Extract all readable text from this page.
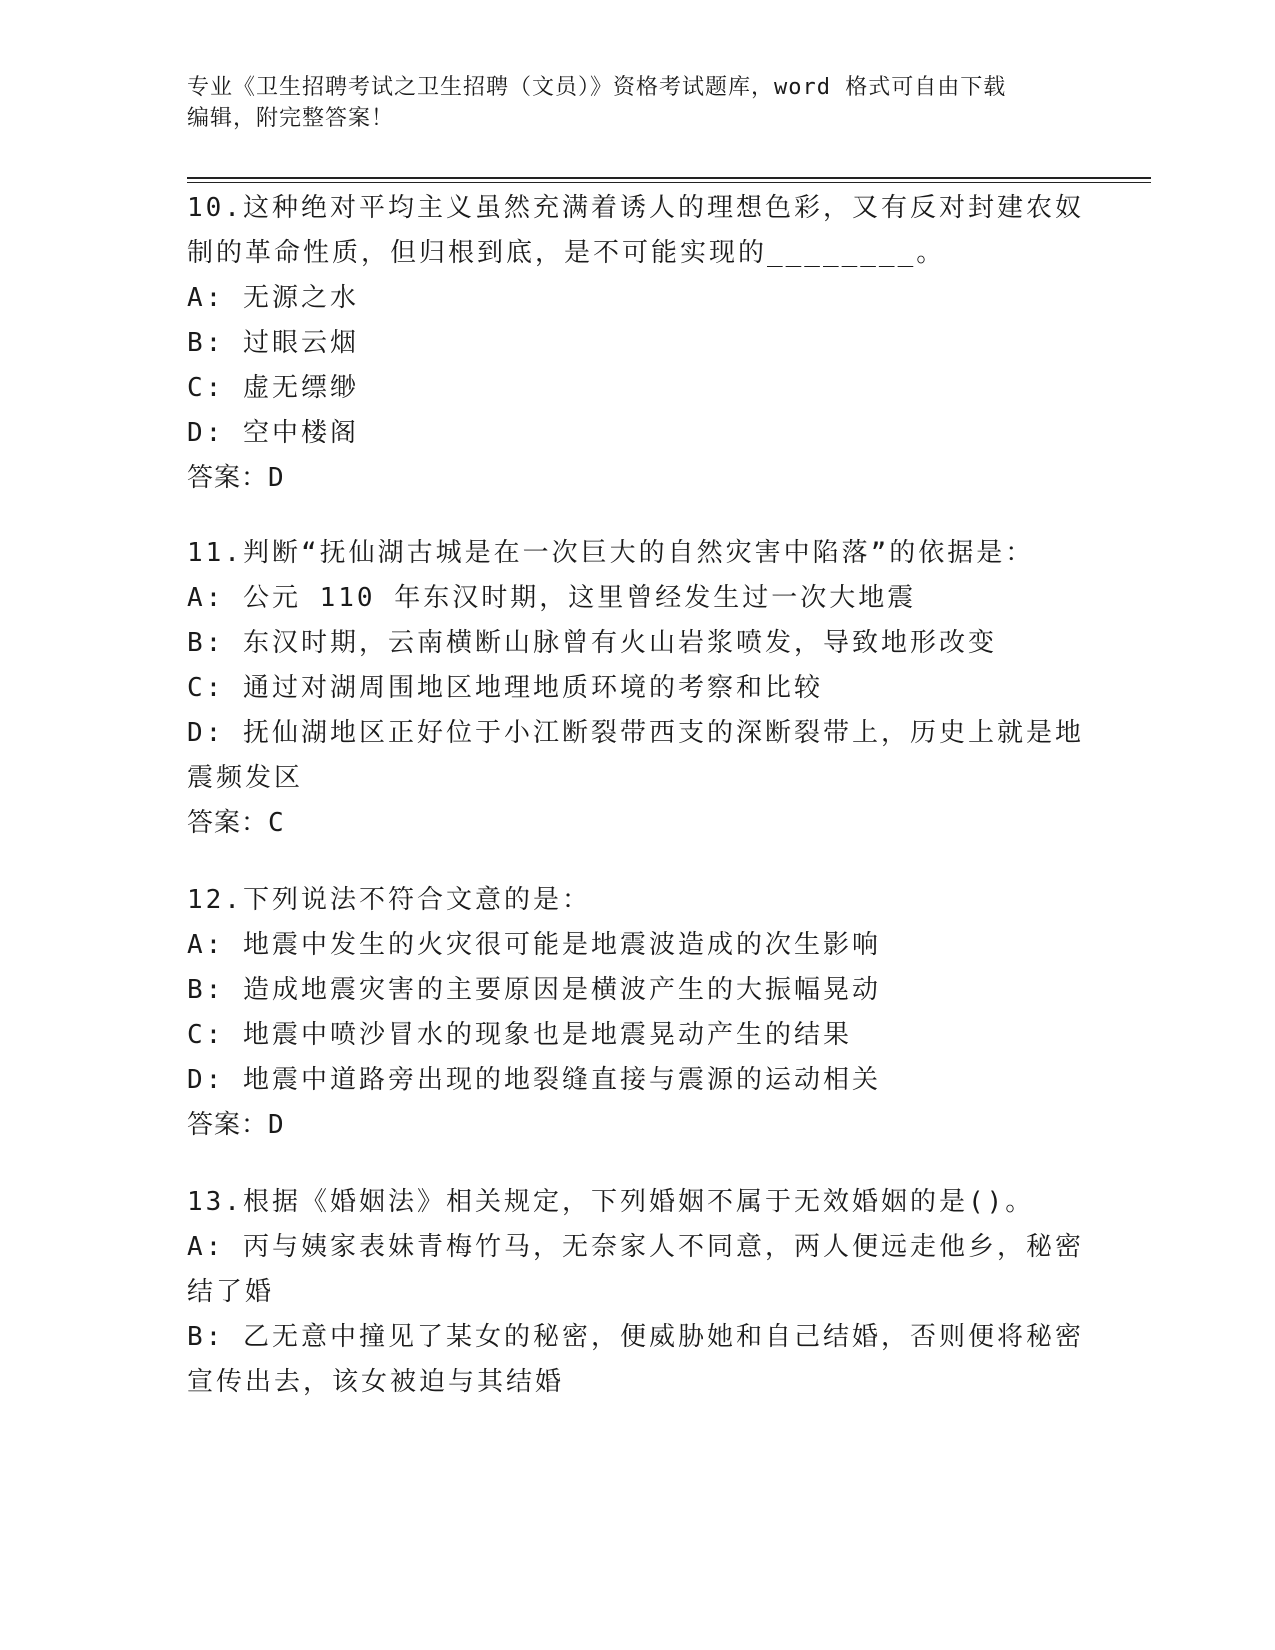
专业《卫生招聘考试之卫生招聘（文员）》资格考试题库，word 格式可自由下载
编辑，附完整答案！
10.这种绝对平均主义虽然充满着诱人的理想色彩，又有反对封建农奴
制的革命性质，但归根到底，是不可能实现的________。
A: 无源之水
B: 过眼云烟
C: 虚无缥缈
D: 空中楼阁
答案：D
11.判断“抚仙湖古城是在一次巨大的自然灾害中陷落”的依据是：
A: 公元 110 年东汉时期，这里曾经发生过一次大地震
B: 东汉时期，云南横断山脉曾有火山岩浆喷发，导致地形改变
C: 通过对湖周围地区地理地质环境的考察和比较
D: 抚仙湖地区正好位于小江断裂带西支的深断裂带上，历史上就是地
震频发区
答案：C
12.下列说法不符合文意的是：
A: 地震中发生的火灾很可能是地震波造成的次生影响
B: 造成地震灾害的主要原因是横波产生的大振幅晃动
C: 地震中喷沙冒水的现象也是地震晃动产生的结果
D: 地震中道路旁出现的地裂缝直接与震源的运动相关
答案：D
13.根据《婚姻法》相关规定，下列婚姻不属于无效婚姻的是()。
A: 丙与姨家表妹青梅竹马，无奈家人不同意，两人便远走他乡，秘密
结了婚
B: 乙无意中撞见了某女的秘密，便威胁她和自己结婚，否则便将秘密
宣传出去，该女被迫与其结婚
